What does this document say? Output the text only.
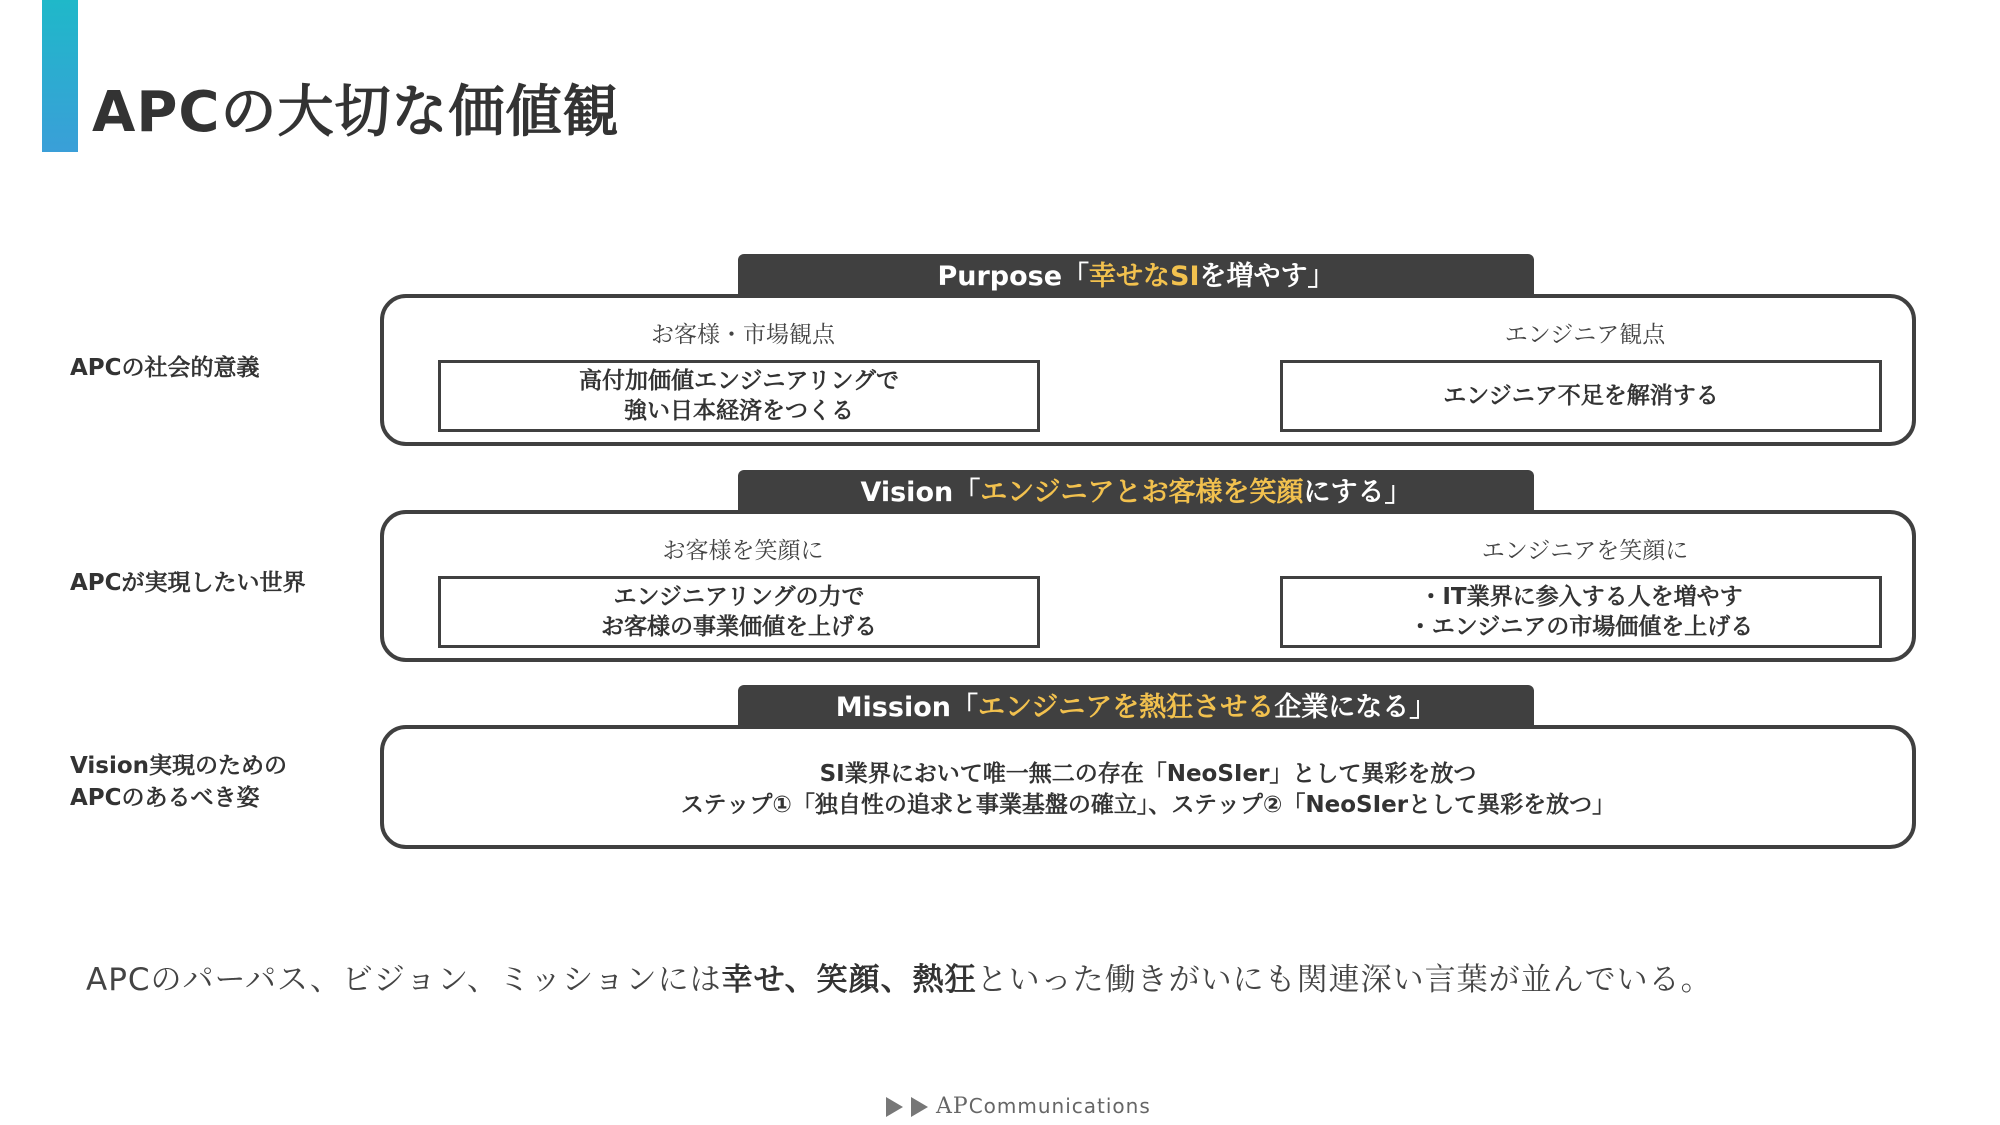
APCの大切な価値観
APCの社会的意義
Purpose「幸せなSIを増やす」
お客様・市場観点
高付加価値エンジニアリングで
強い日本経済をつくる
エンジニア観点
エンジニア不足を解消する
APCが実現したい世界
Vision「エンジニアとお客様を笑顔にする」
お客様を笑顔に
エンジニアリングの力で
お客様の事業価値を上げる
エンジニアを笑顔に
・IT業界に参入する人を増やす
・エンジニアの市場価値を上げる
Vision実現のための
APCのあるべき姿
Mission「エンジニアを熱狂させる企業になる」
SI業界において唯一無二の存在「NeoSIer」として異彩を放つ
ステップ①「独自性の追求と事業基盤の確立」、ステップ②「NeoSIerとして異彩を放つ」
APCのパーパス、ビジョン、ミッションには幸せ、笑顔、熱狂といった働きがいにも関連深い言葉が並んでいる。
APCommunications
